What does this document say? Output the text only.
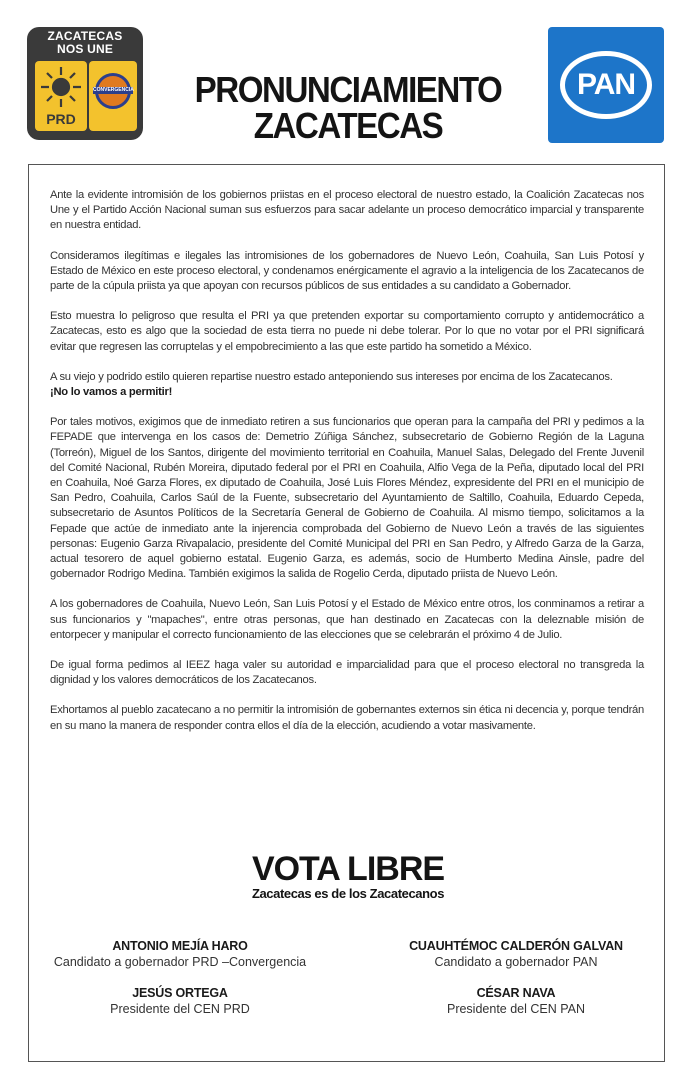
ZACATECAS
NOS UNE
PRD
CONVERGENCIA	PRONUNCIAMIENTO
ZACATECAS
PAN

Ante la evidente intromisión de los gobiernos priistas en el proceso electoral de nuestro estado, la Coalición Zacatecas nos Une y el Partido Acción Nacional suman sus esfuerzos para sacar adelante un proceso democrático imparcial y transparente en nuestra entidad.

Consideramos ilegítimas e ilegales las intromisiones de los gobernadores de Nuevo León, Coahuila, San Luis Potosí y Estado de México en este proceso electoral, y condenamos enérgicamente el agravio a la inteligencia de los Zacatecanos de parte de la cúpula priista ya que apoyan con recursos públicos de sus entidades a su candidato a Gobernador.

Esto muestra lo peligroso que resulta el PRI ya que pretenden exportar su comportamiento corrupto y antidemocrático a Zacatecas, esto es algo que la sociedad de esta tierra no puede ni debe tolerar. Por lo que no votar por el PRI significará evitar que regresen las corruptelas y el empobrecimiento a las que este partido ha sometido a México.

A su viejo y podrido estilo quieren repartise nuestro estado anteponiendo sus intereses por encima de los Zacatecanos.
¡No lo vamos a permitir!

Por tales motivos, exigimos que de inmediato retiren a sus funcionarios que operan para la campaña del PRI y pedimos a la FEPADE que intervenga en los casos de: Demetrio Zúñiga Sánchez, subsecretario de Gobierno Región de la Laguna (Torreón), Miguel de los Santos, dirigente del movimiento territorial en Coahuila, Manuel Salas, Delegado del Frente Juvenil del Comité Nacional, Rubén Moreira, diputado federal por el PRI en Coahuila, Alfio Vega de la Peña, diputado local del PRI en Coahuila, Noé Garza Flores, ex diputado de Coahuila, José Luis Flores Méndez, expresidente del PRI en el municipio de San Pedro, Coahuila, Carlos Saúl de la Fuente, subsecretario del Ayuntamiento de Saltillo, Coahuila, Eduardo Cepeda, subsecretario de Asuntos Políticos de la Secretaría General de Gobierno de Coahuila. Al mismo tiempo, solicitamos a la Fepade que actúe de inmediato ante la injerencia comprobada del Gobierno de Nuevo León a través de las siguientes personas: Eugenio Garza Rivapalacio, presidente del Comité Municipal del PRI en San Pedro, y Alfredo Garza de la Garza, actual tesorero de aquel gobierno estatal. Eugenio Garza, es además, socio de Humberto Medina Ainsle, padre del gobernador Rodrigo Medina. También exigimos la salida de Rogelio Cerda, diputado priista de Nuevo León.

A los gobernadores de Coahuila, Nuevo León, San Luis Potosí y el Estado de México entre otros, los conminamos a retirar a sus funcionarios y "mapaches", entre otras personas, que han destinado en Zacatecas con la deleznable misión de entorpecer y manipular el correcto funcionamiento de las elecciones que se celebrarán el próximo 4 de Julio.

De igual forma pedimos al IEEZ haga valer su autoridad e imparcialidad para que el proceso electoral no transgreda la dignidad y los valores democráticos de los Zacatecanos.

Exhortamos al pueblo zacatecano a no permitir la intromisión de gobernantes externos sin ética ni decencia y, porque tendrán en su mano la manera de responder contra ellos el día de la elección, acudiendo a votar masivamente.

VOTA LIBRE
Zacatecas es de los Zacatecanos
ANTONIO MEJÍA HARO
Candidato a gobernador PRD –Convergencia
CUAUHTÉMOC CALDERÓN GALVAN
Candidato a gobernador PAN
JESÚS ORTEGA
Presidente del CEN PRD
CÉSAR NAVA
Presidente del CEN PAN
